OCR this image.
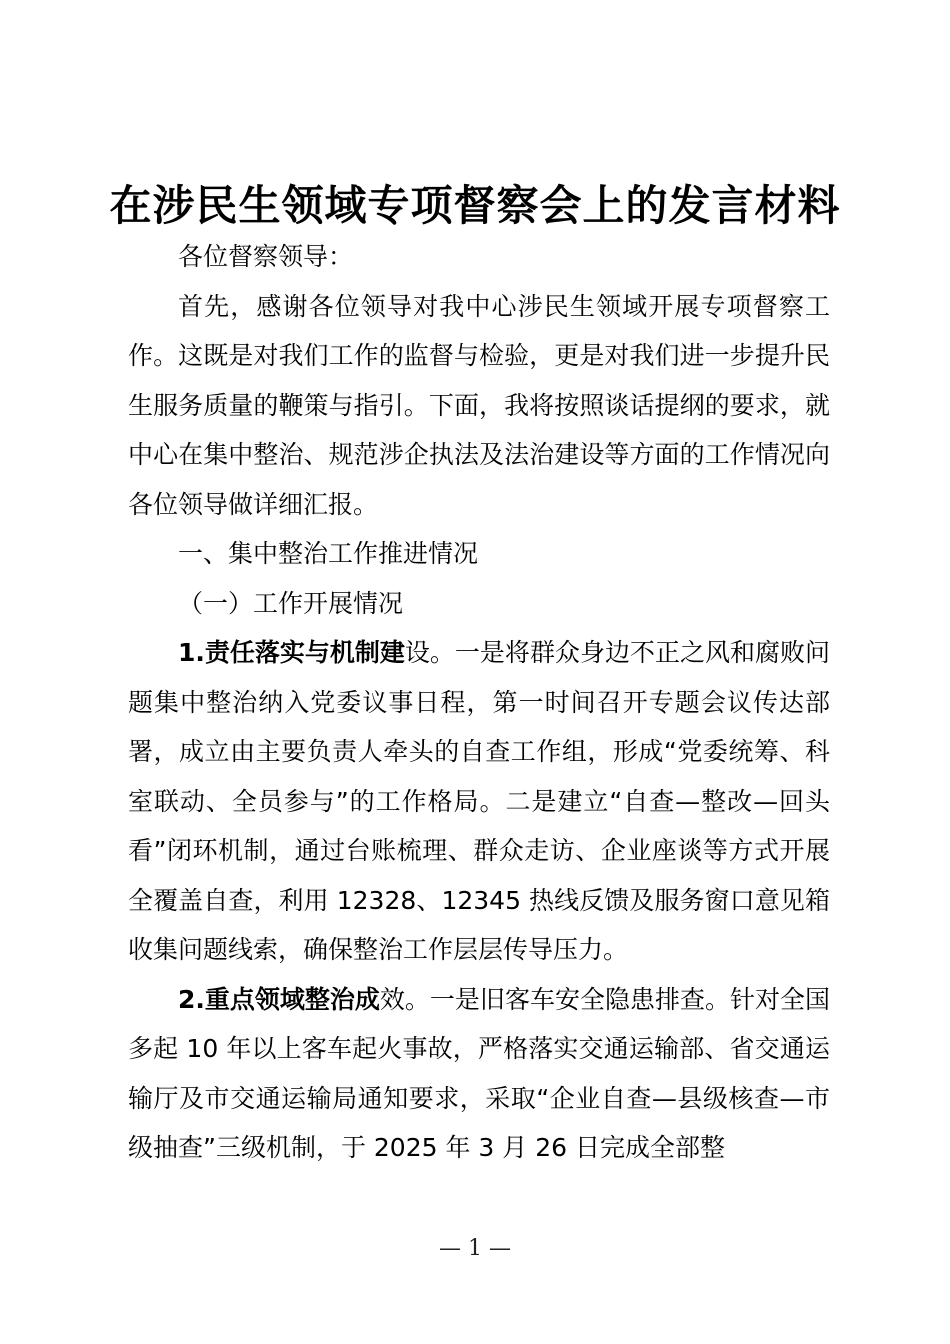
在涉民生领域专项督察会上的发言材料

各位督察领导：

首先，感谢各位领导对我中心涉民生领域开展专项督察工作。这既是对我们工作的监督与检验，更是对我们进一步提升民生服务质量的鞭策与指引。下面，我将按照谈话提纲的要求，就中心在集中整治、规范涉企执法及法治建设等方面的工作情况向各位领导做详细汇报。

一、集中整治工作推进情况

（一）工作开展情况

1.责任落实与机制建设。一是将群众身边不正之风和腐败问题集中整治纳入党委议事日程，第一时间召开专题会议传达部署，成立由主要负责人牵头的自查工作组，形成“党委统筹、科室联动、全员参与”的工作格局。二是建立“自查—整改—回头看”闭环机制，通过台账梳理、群众走访、企业座谈等方式开展全覆盖自查，利用 12328、12345 热线反馈及服务窗口意见箱收集问题线索，确保整治工作层层传导压力。

2.重点领域整治成效。一是旧客车安全隐患排查。针对全国多起 10 年以上客车起火事故，严格落实交通运输部、省交通运输厅及市交通运输局通知要求，采取“企业自查—县级核查—市级抽查”三级机制，于 2025 年 3 月 26 日完成全部整

— 1 —
